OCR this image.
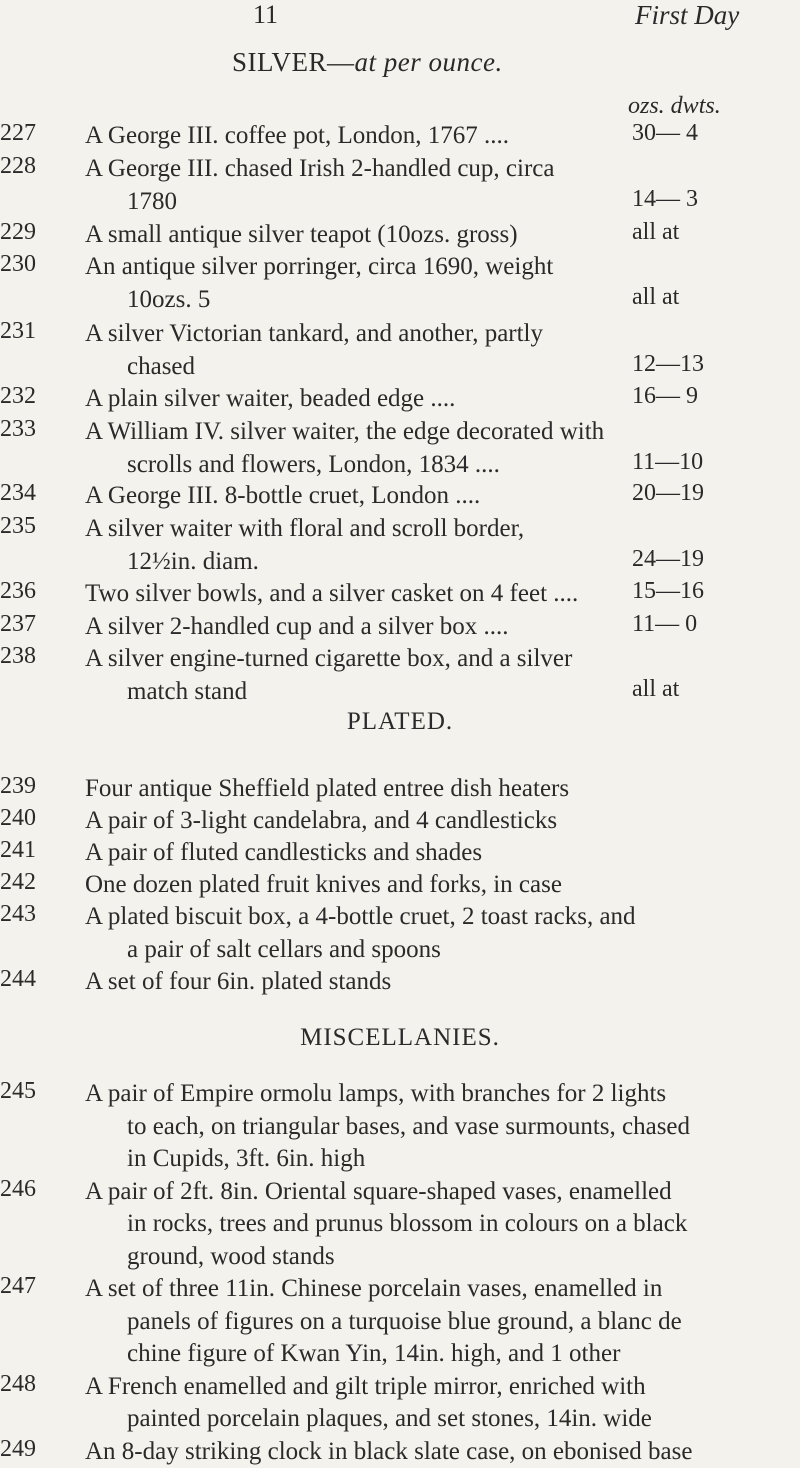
11	First Day
SILVER—at per ounce.
ozs. dwts.
227	A George III. coffee pot, London, 1767 ....	30— 4
228	A George III. chased Irish 2-handled cup, circa
1780	14— 3
229	A small antique silver teapot (10ozs. gross)	all at
230	An antique silver porringer, circa 1690, weight
10ozs. 5	all at
231	A silver Victorian tankard, and another, partly
chased	12—13
232	A plain silver waiter, beaded edge ....	16— 9
233	A William IV. silver waiter, the edge decorated with
scrolls and flowers, London, 1834 ....	11—10
234	A George III. 8-bottle cruet, London ....	20—19
235	A silver waiter with floral and scroll border,
12½in. diam.	24—19
236	Two silver bowls, and a silver casket on 4 feet ....	15—16
237	A silver 2-handled cup and a silver box ....	11— 0
238	A silver engine-turned cigarette box, and a silver
match stand	all at
PLATED.
239	Four antique Sheffield plated entree dish heaters
240	A pair of 3-light candelabra, and 4 candlesticks
241	A pair of fluted candlesticks and shades
242	One dozen plated fruit knives and forks, in case
243	A plated biscuit box, a 4-bottle cruet, 2 toast racks, and
a pair of salt cellars and spoons
244	A set of four 6in. plated stands
MISCELLANIES.
245	A pair of Empire ormolu lamps, with branches for 2 lights
to each, on triangular bases, and vase surmounts, chased
in Cupids, 3ft. 6in. high
246	A pair of 2ft. 8in. Oriental square-shaped vases, enamelled
in rocks, trees and prunus blossom in colours on a black
ground, wood stands
247	A set of three 11in. Chinese porcelain vases, enamelled in
panels of figures on a turquoise blue ground, a blanc de
chine figure of Kwan Yin, 14in. high, and 1 other
248	A French enamelled and gilt triple mirror, enriched with
painted porcelain plaques, and set stones, 14in. wide
249	An 8-day striking clock in black slate case, on ebonised base
